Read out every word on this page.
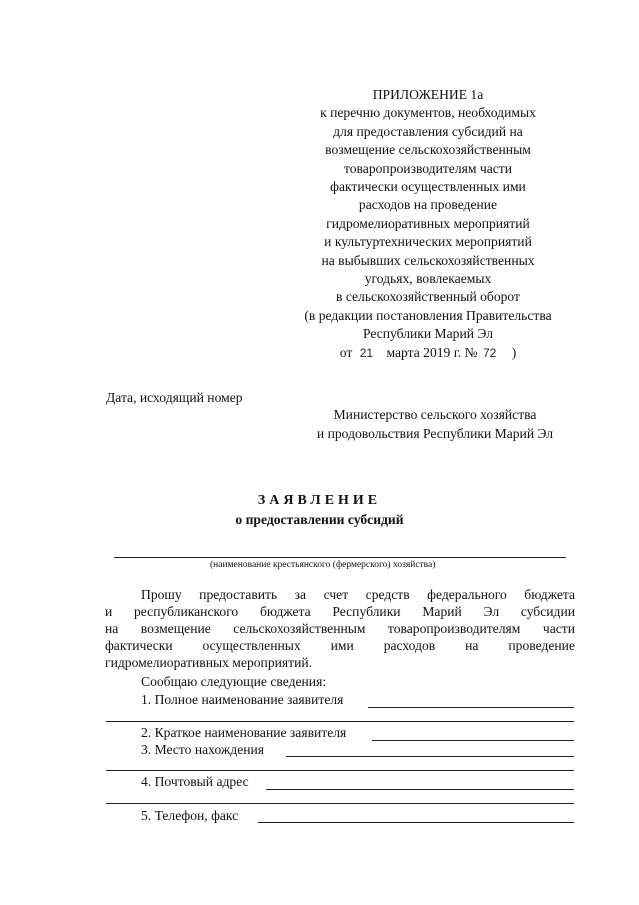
ПРИЛОЖЕНИЕ 1а
к перечню документов, необходимых
для предоставления субсидий на
возмещение сельскохозяйственным
товаропроизводителям части
фактически осуществленных ими
расходов на проведение
гидромелиоративных мероприятий
и культуртехнических мероприятий
на выбывших сельскохозяйственных
угодьях, вовлекаемых
в сельскохозяйственный оборот
(в редакции постановления Правительства
Республики Марий Эл
от 21 марта 2019 г. № 72 )
Дата, исходящий номер
Министерство сельского хозяйства
и продовольствия Республики Марий Эл
ЗАЯВЛЕНИЕ
о предоставлении субсидий
(наименование крестьянского (фермерского) хозяйства)
Прошу предоставить за счет средств федерального бюджета
и республиканского бюджета Республики Марий Эл субсидии
на возмещение сельскохозяйственным товаропроизводителям части
фактически осуществленных ими расходов на проведение
гидромелиоративных мероприятий.
Сообщаю следующие сведения:
1. Полное наименование заявителя
2. Краткое наименование заявителя
3. Место нахождения
4. Почтовый адрес
5. Телефон, факс
